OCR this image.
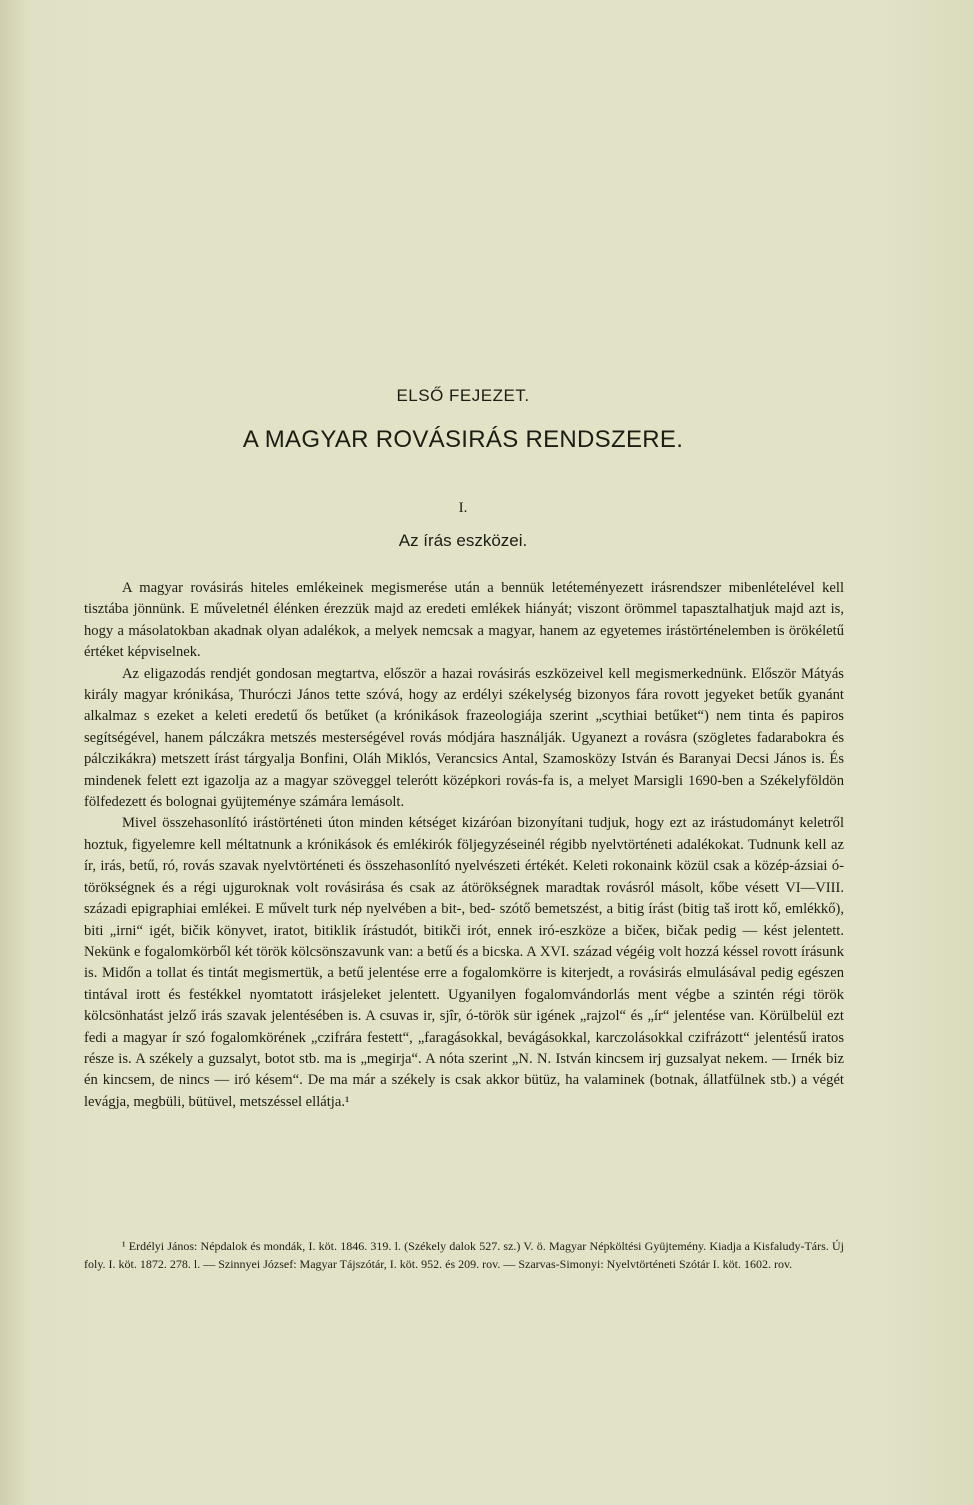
ELSŐ FEJEZET.
A MAGYAR ROVÁSIRÁS RENDSZERE.
I.
Az írás eszközei.

A magyar rovásirás hiteles emlékeinek megismerése után a bennük letéteményezett irásrendszer mibenlételével kell tisztába jönnünk. E műveletnél élénken érezzük majd az eredeti emlékek hiányát; viszont örömmel tapasztalhatjuk majd azt is, hogy a másolatokban akadnak olyan adalékok, a melyek nemcsak a magyar, hanem az egyetemes irástörténelemben is örökéletű értéket képviselnek.

Az eligazodás rendjét gondosan megtartva, először a hazai rovásirás eszközeivel kell megismerkednünk. Először Mátyás király magyar krónikása, Thuróczi János tette szóvá, hogy az erdélyi székelység bizonyos fára rovott jegyeket betűk gyanánt alkalmaz s ezeket a keleti eredetű ős betűket (a krónikások frazeologiája szerint „scythiai betűket“) nem tinta és papiros segítségével, hanem pálczákra metszés mesterségével rovás módjára használják. Ugyanezt a rovásra (szögletes fadarabokra és pálczikákra) metszett írást tárgyalja Bonfini, Oláh Miklós, Verancsics Antal, Szamosközy István és Baranyai Decsi János is. És mindenek felett ezt igazolja az a magyar szöveggel telerótt középkori rovás-fa is, a melyet Marsigli 1690-ben a Székelyföldön fölfedezett és bolognai gyüjteménye számára lemásolt.

Mivel összehasonlító irástörténeti úton minden kétséget kizáróan bizonyítani tudjuk, hogy ezt az irástudományt keletről hoztuk, figyelemre kell méltatnunk a krónikások és emlékirók följegyzéseinél régibb nyelvtörténeti adalékokat. Tudnunk kell az ír, irás, betű, ró, rovás szavak nyelvtörténeti és összehasonlító nyelvészeti értékét. Keleti rokonaink közül csak a közép-ázsiai ó-törökségnek és a régi ujguroknak volt rovásirása és csak az átörökségnek maradtak rovásról másolt, kőbe vésett VI—VIII. századi epigraphiai emlékei. E művelt turk nép nyelvében a bit-, bed- szótő bemetszést, a bitig írást (bitig taš irott kő, emlékkő), biti „irni“ igét, bičik könyvet, iratot, bitiklik írástudót, bitikči irót, ennek iró-eszköze a bičeк, bičak pedig — kést jelentett. Nekünk e fogalomkörből két török kölcsönszavunk van: a betű és a bicska. A XVI. század végéig volt hozzá késsel rovott írásunk is. Midőn a tollat és tintát megismertük, a betű jelentése erre a fogalomkörre is kiterjedt, a rovásirás elmulásával pedig egészen tintával irott és festékkel nyomtatott irásjeleket jelentett. Ugyanilyen fogalomvándorlás ment végbe a szintén régi török kölcsönhatást jelző irás szavak jelentésében is. A csuvas ir, sjîr, ó-török sür igének „rajzol“ és „ír“ jelentése van. Körülbelül ezt fedi a magyar ír szó fogalomkörének „czifrára festett“, „faragásokkal, bevágásokkal, karczolásokkal czifrázott“ jelentésű iratos része is. A székely a guzsalyt, botot stb. ma is „megirja“. A nóta szerint „N. N. István kincsem irj guzsalyat nekem. — Irnék biz én kincsem, de nincs — iró késem“. De ma már a székely is csak akkor bütüz, ha valaminek (botnak, állatfülnek stb.) a végét levágja, megbüli, bütüvel, metszéssel ellátja.¹

¹ Erdélyi János: Népdalok és mondák, I. köt. 1846. 319. l. (Székely dalok 527. sz.) V. ö. Magyar Népköltési Gyüjtemény. Kiadja a Kisfaludy-Társ. Új foly. I. köt. 1872. 278. l. — Szinnyei József: Magyar Tájszótár, I. köt. 952. és 209. rov. — Szarvas-Simonyi: Nyelvtörténeti Szótár I. köt. 1602. rov.
